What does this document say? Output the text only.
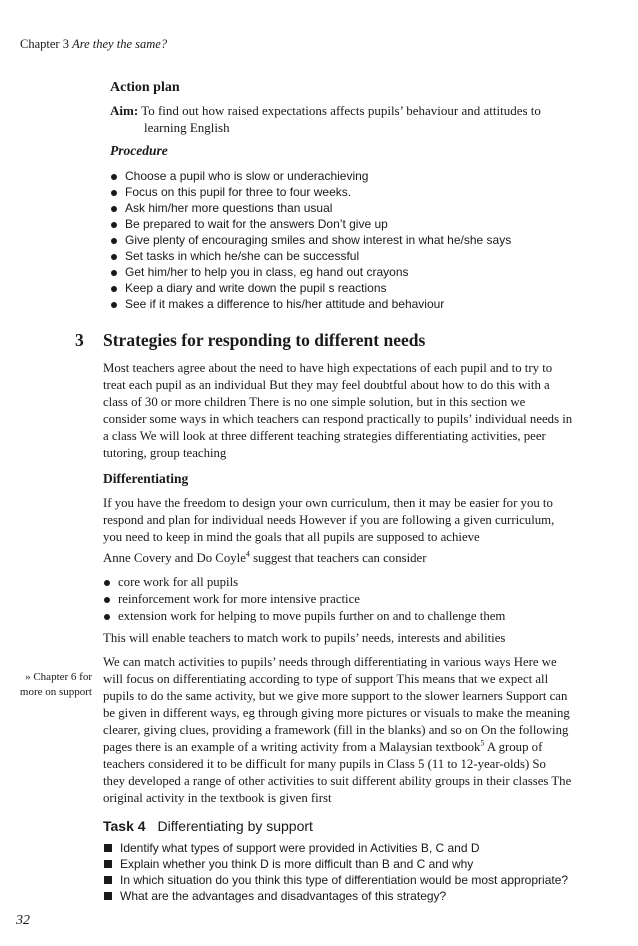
Chapter 3 Are they the same?
Action plan
Aim: To find out how raised expectations affects pupils’ behaviour and attitudes to
learning English
Procedure
Choose a pupil who is slow or underachieving
Focus on this pupil for three to four weeks.
Ask him/her more questions than usual
Be prepared to wait for the answers Don’t give up
Give plenty of encouraging smiles and show interest in what he/she says
Set tasks in which he/she can be successful
Get him/her to help you in class, eg hand out crayons
Keep a diary and write down the pupil s reactions
See if it makes a difference to his/her attitude and behaviour
3 Strategies for responding to different needs
Most teachers agree about the need to have high expectations of each pupil and to try to
treat each pupil as an individual But they may feel doubtful about how to do this with a
class of 30 or more children There is no one simple solution, but in this section we
consider some ways in which teachers can respond practically to pupils’ individual needs in
a class We will look at three different teaching strategies differentiating activities, peer
tutoring, group teaching
Differentiating
If you have the freedom to design your own curriculum, then it may be easier for you to
respond and plan for individual needs However if you are following a given curriculum,
you need to keep in mind the goals that all pupils are supposed to achieve
Anne Covery and Do Coyle$^4$ suggest that teachers can consider
core work for all pupils
reinforcement work for more intensive practice
extension work for helping to move pupils further on and to challenge them
This will enable teachers to match work to pupils’ needs, interests and abilities
» Chapter 6 for
more on support
We can match activities to pupils’ needs through differentiating in various ways Here we
will focus on differentiating according to type of support This means that we expect all
pupils to do the same activity, but we give more support to the slower learners Support can
be given in different ways, eg through giving more pictures or visuals to make the meaning
clearer, giving clues, providing a framework (fill in the blanks) and so on On the following
pages there is an example of a writing activity from a Malaysian textbook$^5$ A group of
teachers considered it to be difficult for many pupils in Class 5 (11 to 12-year-olds) So
they developed a range of other activities to suit different ability groups in their classes The
original activity in the textbook is given first
Task 4 Differentiating by support
Identify what types of support were provided in Activities B, C and D
Explain whether you think D is more difficult than B and C and why
In which situation do you think this type of differentiation would be most appropriate?
What are the advantages and disadvantages of this strategy?
32
